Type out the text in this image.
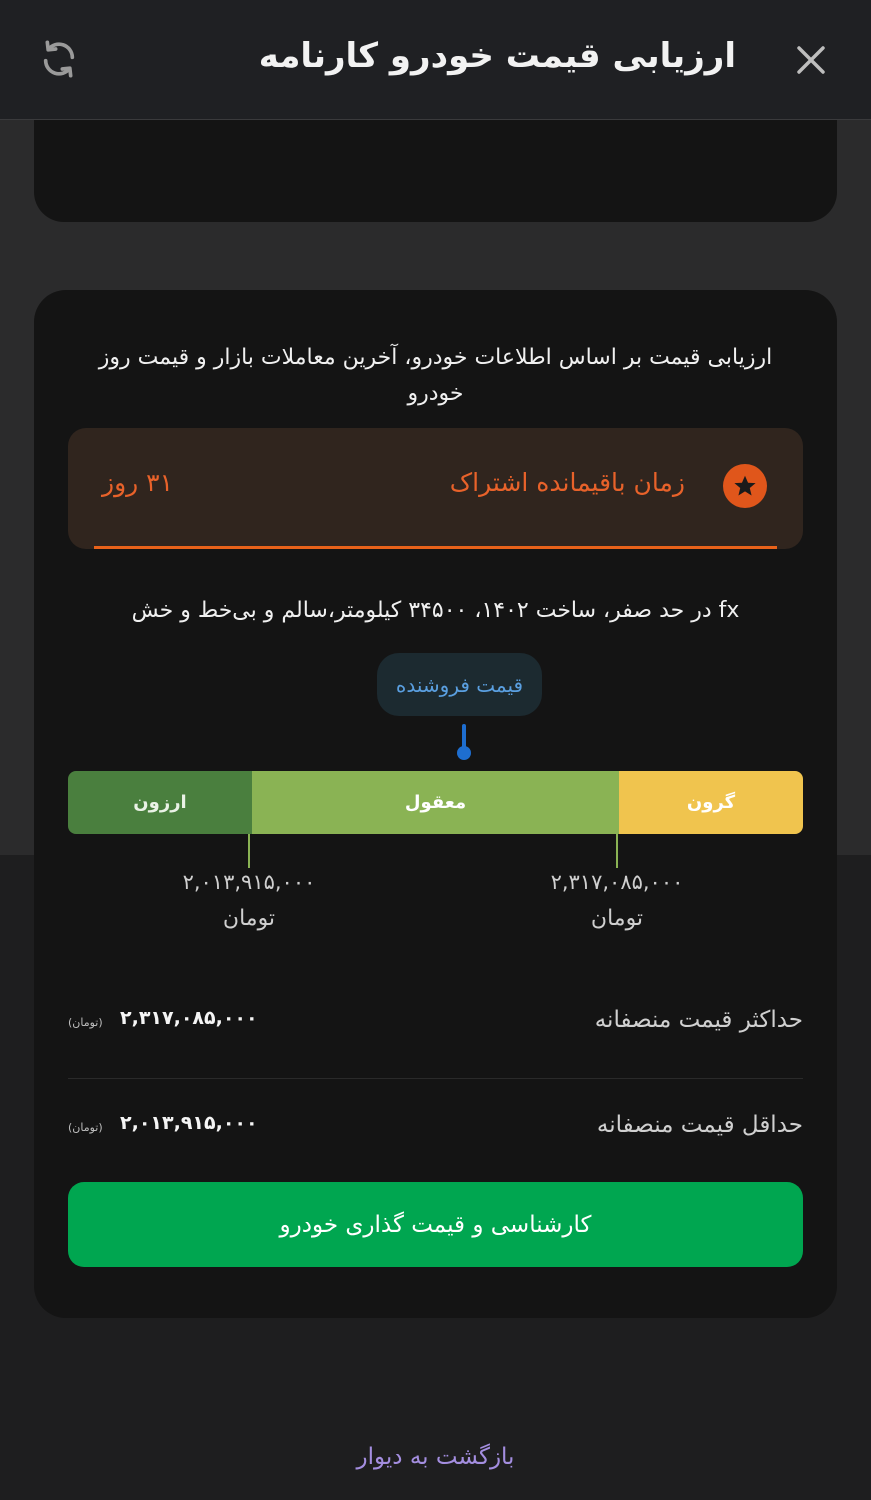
ارزیابی قیمت خودرو کارنامه
ارزیابی قیمت بر اساس اطلاعات خودرو، آخرین معاملات بازار و قیمت روز خودرو
زمان باقیمانده اشتراک
۳۱ روز
fx در حد صفر، ساخت ۱۴۰۲، ۳۴۵۰۰ کیلومتر،سالم و بی‌خط و خش
قیمت فروشنده
ارزون	معقول	گرون
۲,۰۱۳,۹۱۵,۰۰۰
تومان
۲,۳۱۷,۰۸۵,۰۰۰
تومان
حداکثر قیمت منصفانه
۲,۳۱۷,۰۸۵,۰۰۰
(تومان)
حداقل قیمت منصفانه
۲,۰۱۳,۹۱۵,۰۰۰
(تومان)
کارشناسی و قیمت گذاری خودرو
بازگشت به دیوار
